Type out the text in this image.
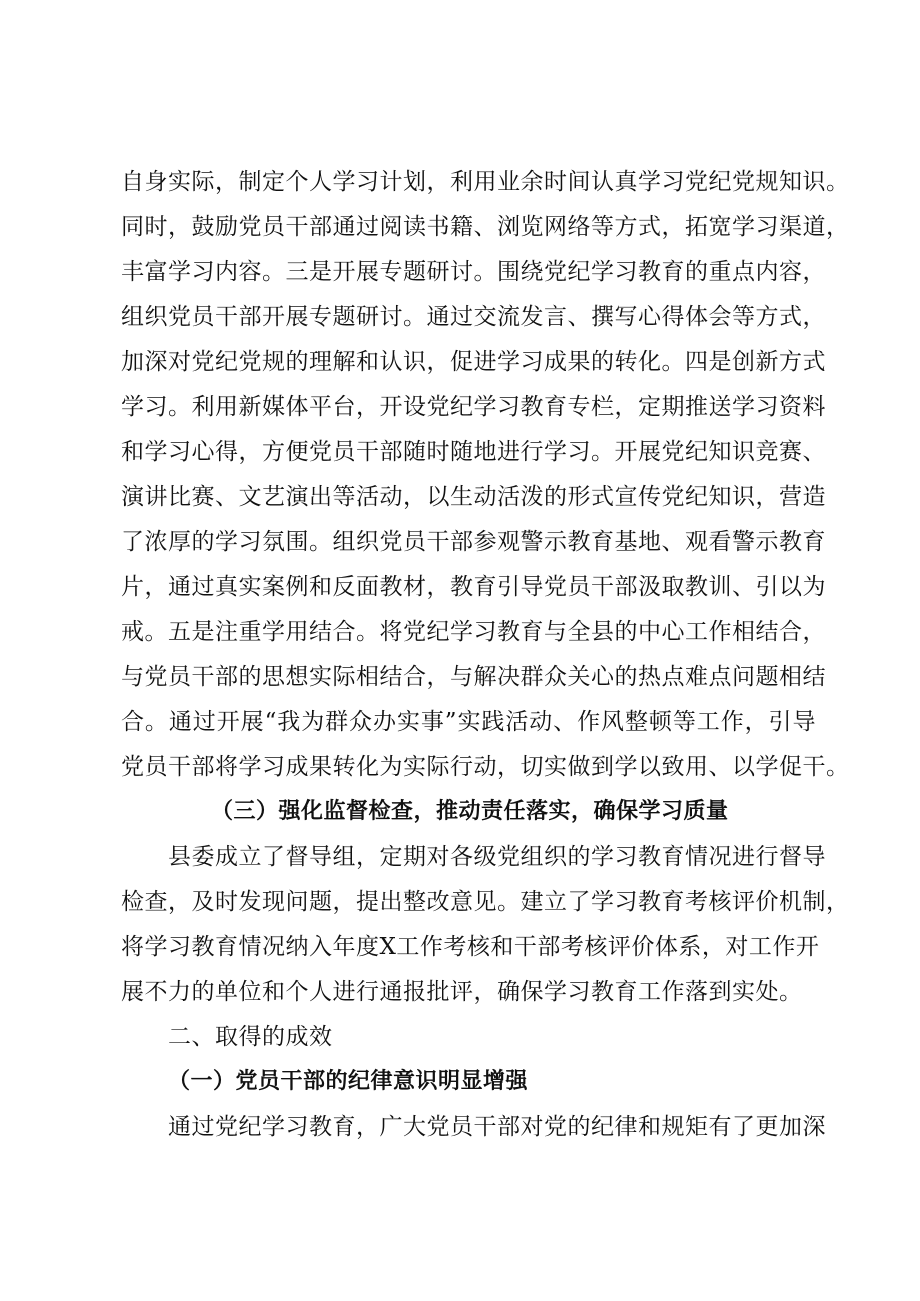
自身实际，制定个人学习计划，利用业余时间认真学习党纪党规知识。
同时，鼓励党员干部通过阅读书籍、浏览网络等方式，拓宽学习渠道，
丰富学习内容。三是开展专题研讨。围绕党纪学习教育的重点内容，
组织党员干部开展专题研讨。通过交流发言、撰写心得体会等方式，
加深对党纪党规的理解和认识，促进学习成果的转化。四是创新方式
学习。利用新媒体平台，开设党纪学习教育专栏，定期推送学习资料
和学习心得，方便党员干部随时随地进行学习。开展党纪知识竞赛、
演讲比赛、文艺演出等活动，以生动活泼的形式宣传党纪知识，营造
了浓厚的学习氛围。组织党员干部参观警示教育基地、观看警示教育
片，通过真实案例和反面教材，教育引导党员干部汲取教训、引以为
戒。五是注重学用结合。将党纪学习教育与全县的中心工作相结合，
与党员干部的思想实际相结合，与解决群众关心的热点难点问题相结
合。通过开展“我为群众办实事”实践活动、作风整顿等工作，引导
党员干部将学习成果转化为实际行动，切实做到学以致用、以学促干。
（三）强化监督检查，推动责任落实，确保学习质量
县委成立了督导组，定期对各级党组织的学习教育情况进行督导
检查，及时发现问题，提出整改意见。建立了学习教育考核评价机制，
将学习教育情况纳入年度X工作考核和干部考核评价体系，对工作开
展不力的单位和个人进行通报批评，确保学习教育工作落到实处。
二、取得的成效
（一）党员干部的纪律意识明显增强
通过党纪学习教育，广大党员干部对党的纪律和规矩有了更加深
